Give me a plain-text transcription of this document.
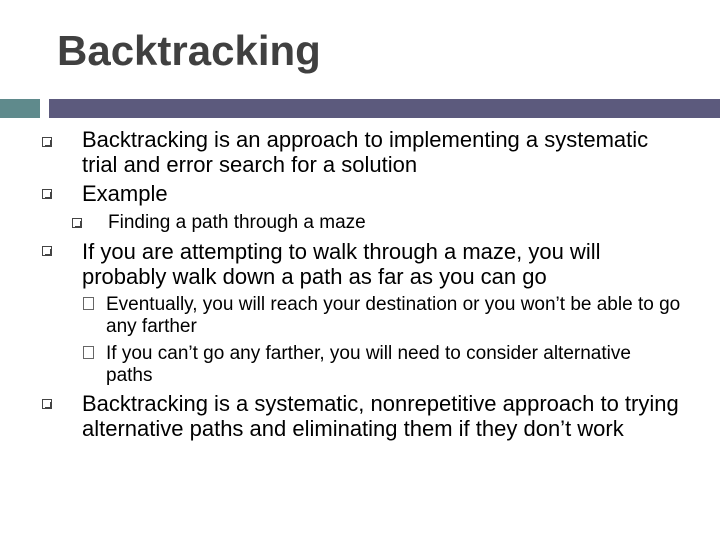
Backtracking
Backtracking is an approach to implementing a systematic trial and error search for a solution
Example
Finding a path through a maze
If you are attempting to walk through a maze, you will probably walk down a path as far as you can go
Eventually, you will reach your destination or you won’t be able to go any farther
If you can’t go any farther, you will need to consider alternative paths
Backtracking is a systematic, nonrepetitive approach to trying alternative paths and eliminating them if they don’t work
